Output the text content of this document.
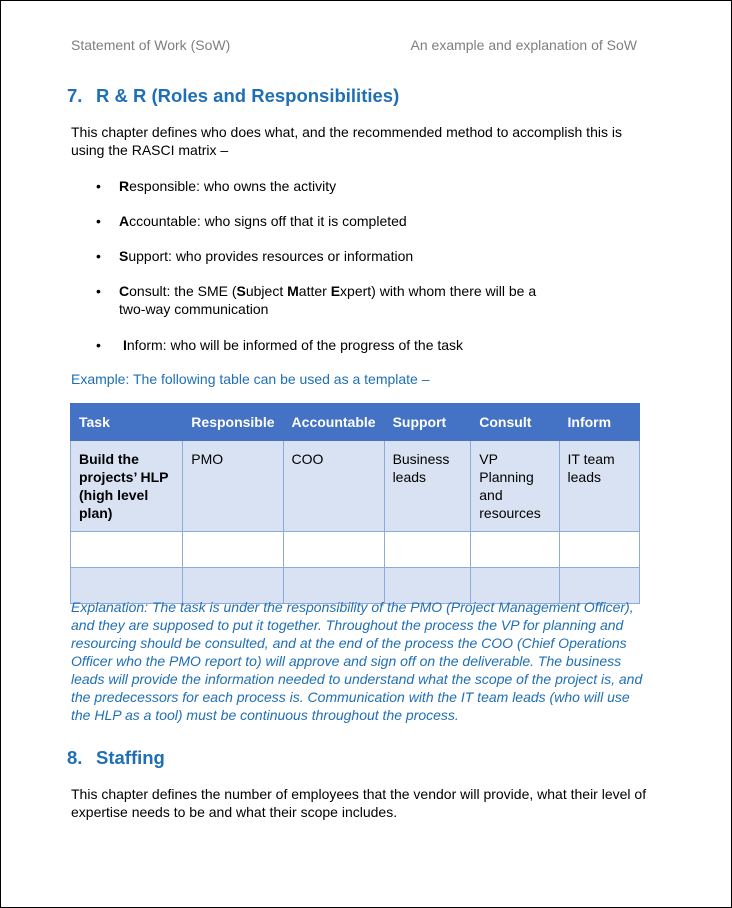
Statement of Work (SoW)	An example and explanation of SoW
7. R & R (Roles and Responsibilities)

This chapter defines who does what, and the recommended method to accomplish this is using the RASCI matrix –

•	Responsible: who owns the activity
•	Accountable: who signs off that it is completed
•	Support: who provides resources or information
•	Consult: the SME (Subject Matter Expert) with whom there will be a two-way communication
•	Inform: who will be informed of the progress of the task
Example: The following table can be used as a template –
Task	Responsible	Accountable	Support	Consult	Inform
Build the projects’ HLP (high level plan)	PMO	COO	Business leads	VP Planning and resources	IT team leads

Explanation: The task is under the responsibility of the PMO (Project Management Officer), and they are supposed to put it together. Throughout the process the VP for planning and resourcing should be consulted, and at the end of the process the COO (Chief Operations Officer who the PMO report to) will approve and sign off on the deliverable. The business leads will provide the information needed to understand what the scope of the project is, and the predecessors for each process is. Communication with the IT team leads (who will use the HLP as a tool) must be continuous throughout the process.

8. Staffing

This chapter defines the number of employees that the vendor will provide, what their level of expertise needs to be and what their scope includes.
